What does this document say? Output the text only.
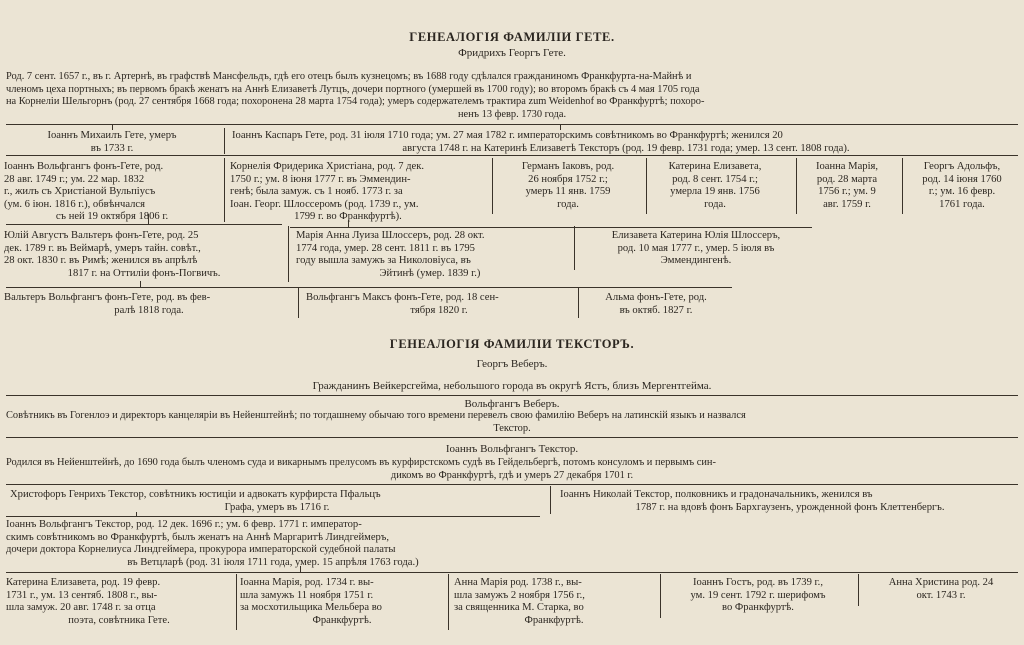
ГЕНЕАЛОГІЯ ФАМИЛІИ ГЕТЕ.
Фридрихъ Георгъ Гете.
Род. 7 сент. 1657 г., въ г. Артернѣ, въ графствѣ Мансфельдъ, гдѣ его отецъ былъ кузнецомъ; въ 1688 году сдѣлался гражданиномъ Франкфурта-на-Майнѣ и
членомъ цеха портныхъ; въ первомъ бракѣ женатъ на Аннѣ Елизаветѣ Лутцъ, дочери портного (умершей въ 1700 году); во второмъ бракѣ съ 4 мая 1705 года
на Корнеліи Шельгорнъ (род. 27 сентября 1668 года; похоронена 28 марта 1754 года); умеръ содержателемъ трактира zum Weidenhof во Франкфуртѣ; похоро-
ненъ 13 февр. 1730 года.
Іоаннъ Михаилъ Гете, умеръ
въ 1733 г.
Іоаннъ Каспаръ Гете, род. 31 іюля 1710 года; ум. 27 мая 1782 г. императорскимъ совѣтникомъ во Франкфуртѣ; женился 20
августа 1748 г. на Катеринѣ Елизаветѣ Тексторъ (род. 19 февр. 1731 года; умер. 13 сент. 1808 года).
Іоаннъ Вольфгангъ фонъ-Гете, род.
28 авг. 1749 г.; ум. 22 мар. 1832
г., жилъ съ Христіаной Вульпіусъ
(ум. 6 іюн. 1816 г.), обвѣнчался
съ ней 19 октября 1806 г.
Корнелія Фридерика Христіана, род. 7 дек.
1750 г.; ум. 8 іюня 1777 г. въ Эммендин-
генѣ; была замуж. съ 1 нояб. 1773 г. за
Іоан. Георг. Шлоссеромъ (род. 1739 г., ум.
1799 г. во Франкфуртѣ).
Германъ Іаковъ, род.
26 ноября 1752 г.;
умеръ 11 янв. 1759
года.
Катерина Елизавета,
род. 8 сент. 1754 г.;
умерла 19 янв. 1756
года.
Іоанна Марія,
род. 28 марта
1756 г.; ум. 9
авг. 1759 г.
Георгъ Адольфъ,
род. 14 іюня 1760
г.; ум. 16 февр.
1761 года.
Юлій Августъ Вальтеръ фонъ-Гете, род. 25
дек. 1789 г. въ Веймарѣ, умеръ тайн. совѣт.,
28 окт. 1830 г. въ Римѣ; женился въ апрѣлѣ
1817 г. на Оттиліи фонъ-Погвичъ.
Марія Анна Луиза Шлоссеръ, род. 28 окт.
1774 года, умер. 28 сент. 1811 г. въ 1795
году вышла замужъ за Николовіуса, въ
Эйтинѣ (умер. 1839 г.)
Елизавета Катерина Юлія Шлоссеръ,
род. 10 мая 1777 г., умер. 5 іюля въ
Эммендингенѣ.
Вальтеръ Вольфгангъ фонъ-Гете, род. въ фев-
ралѣ 1818 года.
Вольфгангъ Максъ фонъ-Гете, род. 18 сен-
тября 1820 г.
Альма фонъ-Гете, род.
въ октяб. 1827 г.
ГЕНЕАЛОГІЯ ФАМИЛІИ ТЕКСТОРЪ.
Георгъ Веберъ.
Гражданинъ Вейкерсгейма, небольшого города въ округѣ Ястъ, близъ Мергентгейма.
Вольфгангъ Веберъ.
Совѣтникъ въ Гогенлоэ и директоръ канцеляріи въ Нейенштейнѣ; по тогдашнему обычаю того времени перевелъ свою фамилію Веберъ на латинскій языкъ и назвался
Текстор.
Іоаннъ Вольфгангъ Текстор.
Родился въ Нейенштейнѣ, до 1690 года былъ членомъ суда и викарнымъ прелусомъ въ курфирстскомъ судѣ въ Гейдельбергѣ, потомъ консуломъ и первымъ син-
дикомъ во Франкфуртѣ, гдѣ и умеръ 27 декабря 1701 г.
Христофоръ Генрихъ Текстор, совѣтникъ юстиціи и адвокатъ курфирста Пфальцъ
Графа, умеръ въ 1716 г.
Іоаннъ Николай Текстор, полковникъ и градоначальникъ, женился въ
1787 г. на вдовѣ фонъ Бархгаузенъ, урожденной фонъ Клеттенбергъ.
Іоаннъ Вольфгангъ Текстор, род. 12 дек. 1696 г.; ум. 6 февр. 1771 г. император-
скимъ совѣтникомъ во Франкфуртѣ, былъ женатъ на Аннѣ Маргаритѣ Линдгеймеръ,
дочери доктора Корнелиуса Линдгеймера, прокурора императорской судебной палаты
въ Ветцларѣ (род. 31 іюля 1711 года, умер. 15 апрѣля 1763 года.)
Катерина Елизавета, род. 19 февр.
1731 г., ум. 13 сентяб. 1808 г., вы-
шла замуж. 20 авг. 1748 г. за отца
поэта, совѣтника Гете.
Іоанна Марія, род. 1734 г. вы-
шла замужъ 11 ноября 1751 г.
за мосхотильщика Мельбера во
Франкфуртѣ.
Анна Марія род. 1738 г., вы-
шла замужъ 2 ноября 1756 г.,
за священника М. Старка, во
Франкфуртѣ.
Іоаннъ Гостъ, род. въ 1739 г.,
ум. 19 сент. 1792 г. шерифомъ
во Франкфуртѣ.
Анна Христина род. 24
окт. 1743 г.
